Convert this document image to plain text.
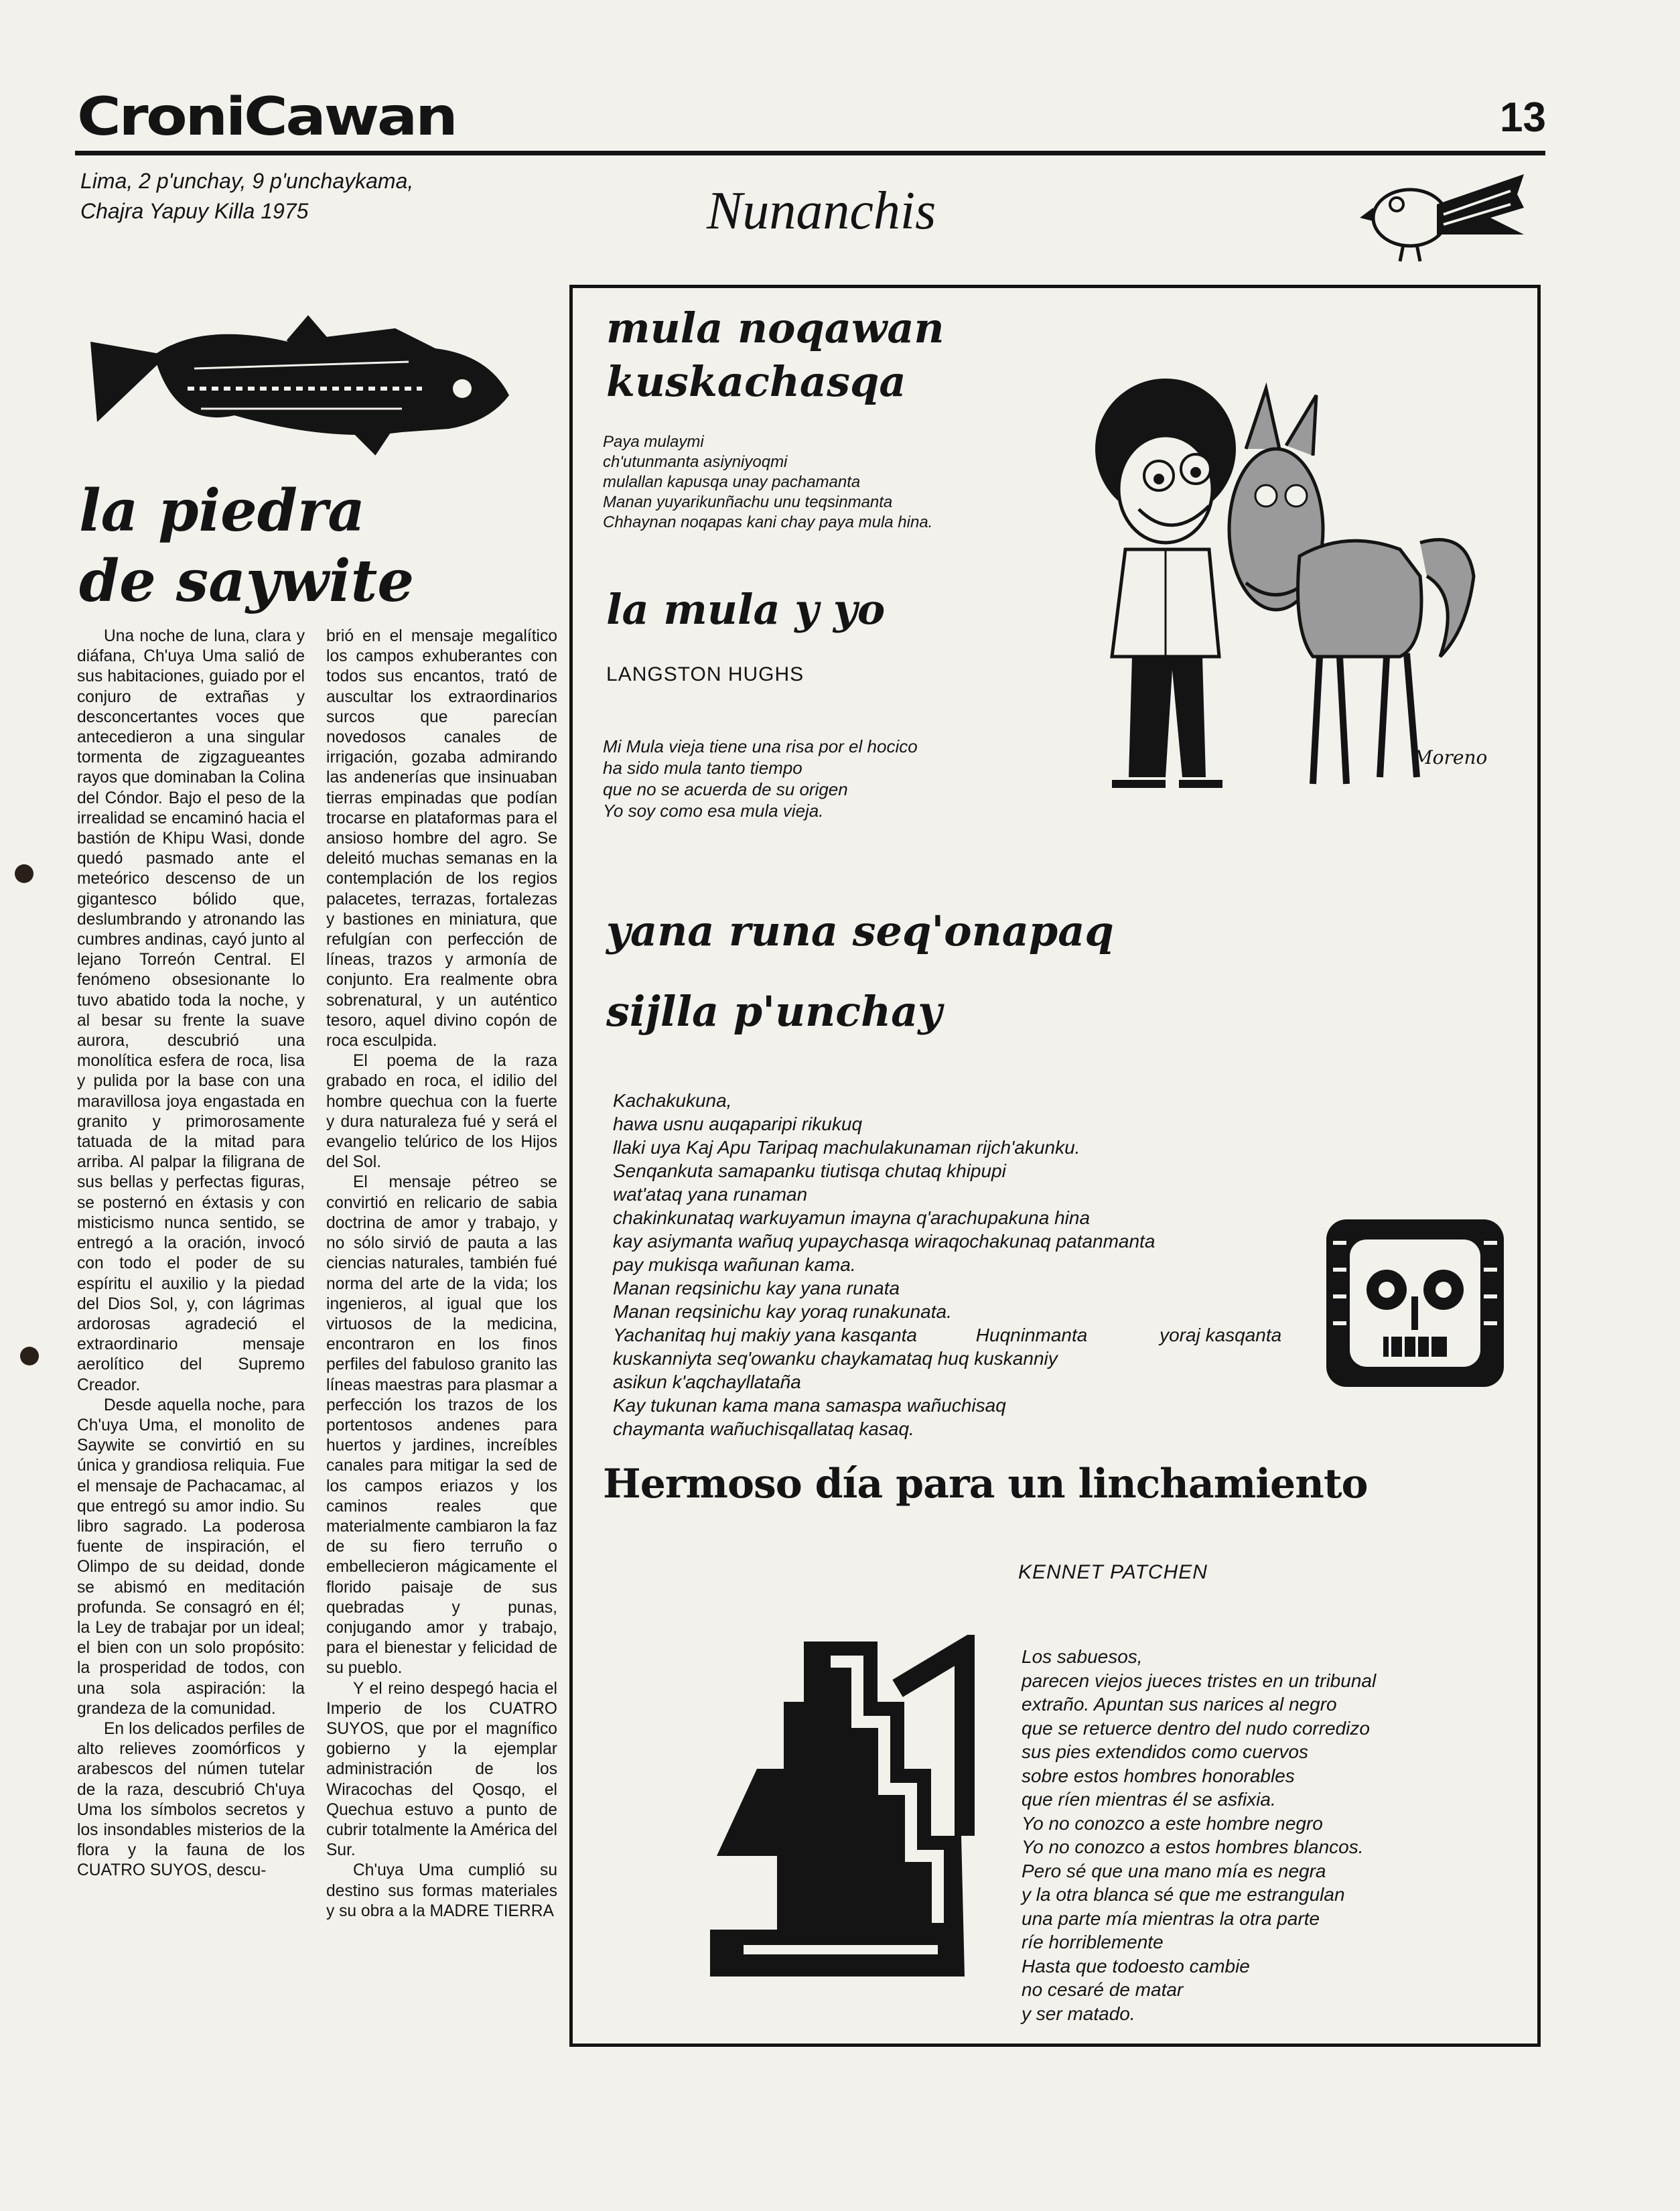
CroniCawan	13
Lima, 2 p'unchay, 9 p'unchaykama,
Chajra Yapuy Killa 1975	Nunanchis
la piedra
de saywite

Una noche de luna, clara y diáfana, Ch'uya Uma salió de sus habitaciones, guiado por el conjuro de extrañas y desconcertantes voces que antecedieron a una singular tormenta de zigzagueantes rayos que dominaban la Colina del Cóndor. Bajo el peso de la irrealidad se encaminó hacia el bastión de Khipu Wasi, donde quedó pasmado ante el meteórico descenso de un gigantesco bólido que, deslumbrando y atronando las cumbres andinas, cayó junto al lejano Torreón Central. El fenómeno obsesionante lo tuvo abatido toda la noche, y al besar su frente la suave aurora, descubrió una monolítica esfera de roca, lisa y pulida por la base con una maravillosa joya engastada en granito y primorosamente tatuada de la mitad para arriba. Al palpar la filigrana de sus bellas y perfectas figuras, se posternó en éxtasis y con misticismo nunca sentido, se entregó a la oración, invocó con todo el poder de su espíritu el auxilio y la piedad del Dios Sol, y, con lágrimas ardorosas agradeció el extraordinario mensaje aerolítico del Supremo Creador.

Desde aquella noche, para Ch'uya Uma, el monolito de Saywite se convirtió en su única y grandiosa reliquia. Fue el mensaje de Pachacamac, al que entregó su amor indio. Su libro sagrado. La poderosa fuente de inspiración, el Olimpo de su deidad, donde se abismó en meditación profunda. Se consagró en él; la Ley de trabajar por un ideal; el bien con un solo propósito: la prosperidad de todos, con una sola aspiración: la grandeza de la comunidad.

En los delicados perfiles de alto relieves zoomórficos y arabescos del númen tutelar de la raza, descubrió Ch'uya Uma los símbolos secretos y los insondables misterios de la flora y la fauna de los CUATRO SUYOS, descu-

brió en el mensaje megalítico los campos exhuberantes con todos sus encantos, trató de auscultar los extraordinarios surcos que parecían novedosos canales de irrigación, gozaba admirando las andenerías que insinuaban tierras empinadas que podían trocarse en plataformas para el ansioso hombre del agro. Se deleitó muchas semanas en la contemplación de los regios palacetes, terrazas, fortalezas y bastiones en miniatura, que refulgían con perfección de líneas, trazos y armonía de conjunto. Era realmente obra sobrenatural, y un auténtico tesoro, aquel divino copón de roca esculpida.

El poema de la raza grabado en roca, el idilio del hombre quechua con la fuerte y dura naturaleza fué y será el evangelio telúrico de los Hijos del Sol.

El mensaje pétreo se convirtió en relicario de sabia doctrina de amor y trabajo, y no sólo sirvió de pauta a las ciencias naturales, también fué norma del arte de la vida; los ingenieros, al igual que los virtuosos de la medicina, encontraron en los finos perfiles del fabuloso granito las líneas maestras para plasmar a perfección los trazos de los portentosos andenes para huertos y jardines, increíbles canales para mitigar la sed de los campos eriazos y los caminos reales que materialmente cambiaron la faz de su fiero terruño o embellecieron mágicamente el florido paisaje de sus quebradas y punas, conjugando amor y trabajo, para el bienestar y felicidad de su pueblo.

Y el reino despegó hacia el Imperio de los CUATRO SUYOS, que por el magnífico gobierno y la ejemplar administración de los Wiracochas del Qosqo, el Quechua estuvo a punto de cubrir totalmente la América del Sur.

Ch'uya Uma cumplió su destino sus formas materiales y su obra a la MADRE TIERRA

mula noqawan
kuskachasqa
Paya mulaymi
ch'utunmanta asiyniyoqmi
mulallan kapusqa unay pachamanta
Manan yuyarikunñachu unu teqsinmanta
Chhaynan noqapas kani chay paya mula hina.
la mula y yo
LANGSTON HUGHS
Mi Mula vieja tiene una risa por el hocico
ha sido mula tanto tiempo
que no se acuerda de su origen
Yo soy como esa mula vieja.
Moreno
yana runa seq'onapaq
sijlla p'unchay
Kachakukuna,
hawa usnu auqaparipi rikukuq
llaki uya Kaj Apu Taripaq machulakunaman rijch'akunku.
Senqankuta samapanku tiutisqa chutaq khipupi
wat'ataq yana runaman
chakinkunataq warkuyamun imayna q'arachupakuna hina
kay asiymanta wañuq yupaychasqa wiraqochakunaq patanmanta
pay mukisqa wañunan kama.
Manan reqsinichu kay yana runata
Manan reqsinichu kay yoraq runakunata.
Yachanitaq huj makiy yana kasqanta	Huqninmanta	yoraj kasqanta
kuskanniyta seq'owanku chaykamataq huq kuskanniy
asikun k'aqchayllataña
Kay tukunan kama mana samaspa wañuchisaq
chaymanta wañuchisqallataq kasaq.
Hermoso día para un linchamiento
KENNET PATCHEN
Los sabuesos,
parecen viejos jueces tristes en un tribunal
extraño. Apuntan sus narices al negro
que se retuerce dentro del nudo corredizo
sus pies extendidos como cuervos
sobre estos hombres honorables
que ríen mientras él se asfixia.
Yo no conozco a este hombre negro
Yo no conozco a estos hombres blancos.
Pero sé que una mano mía es negra
y la otra blanca sé que me estrangulan
una parte mía mientras la otra parte
ríe horriblemente
Hasta que todoesto cambie
no cesaré de matar
y ser matado.
